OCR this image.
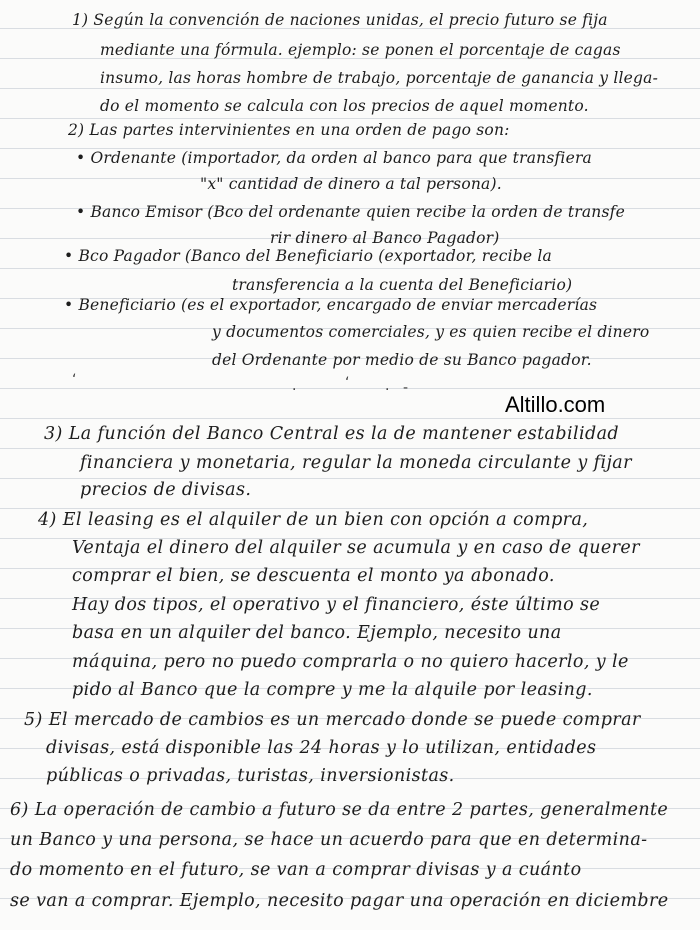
1) Según la convención de naciones unidas, el precio futuro se fija

mediante una fórmula. ejemplo: se ponen el porcentaje de cagas

insumo, las horas hombre de trabajo, porcentaje de ganancia y llega-

do el momento se calcula con los precios de aquel momento.

2) Las partes intervinientes en una orden de pago son:

• Ordenante (importador, da orden al banco para que transfiera

"x" cantidad de dinero a tal persona).

• Banco Emisor (Bco del ordenante quien recibe la orden de transfe

rir dinero al Banco Pagador)

• Bco Pagador (Banco del Beneficiario (exportador, recibe la

transferencia a la cuenta del Beneficiario)

• Beneficiario (es el exportador, encargado de enviar mercaderías

y documentos comerciales, y es quien recibe el dinero

del Ordenante por medio de su Banco pagador.

‘	.	‘	. -
Altillo.com

3) La función del Banco Central es la de mantener estabilidad

financiera y monetaria, regular la moneda circulante y fijar

precios de divisas.

4) El leasing es el alquiler de un bien con opción a compra,

Ventaja el dinero del alquiler se acumula y en caso de querer

comprar el bien, se descuenta el monto ya abonado.

Hay dos tipos, el operativo y el financiero, éste último se

basa en un alquiler del banco. Ejemplo, necesito una

máquina, pero no puedo comprarla o no quiero hacerlo, y le

pido al Banco que la compre y me la alquile por leasing.

5) El mercado de cambios es un mercado donde se puede comprar

divisas, está disponible las 24 horas y lo utilizan, entidades

públicas o privadas, turistas, inversionistas.

6) La operación de cambio a futuro se da entre 2 partes, generalmente

un Banco y una persona, se hace un acuerdo para que en determina-

do momento en el futuro, se van a comprar divisas y a cuánto

se van a comprar. Ejemplo, necesito pagar una operación en diciembre
